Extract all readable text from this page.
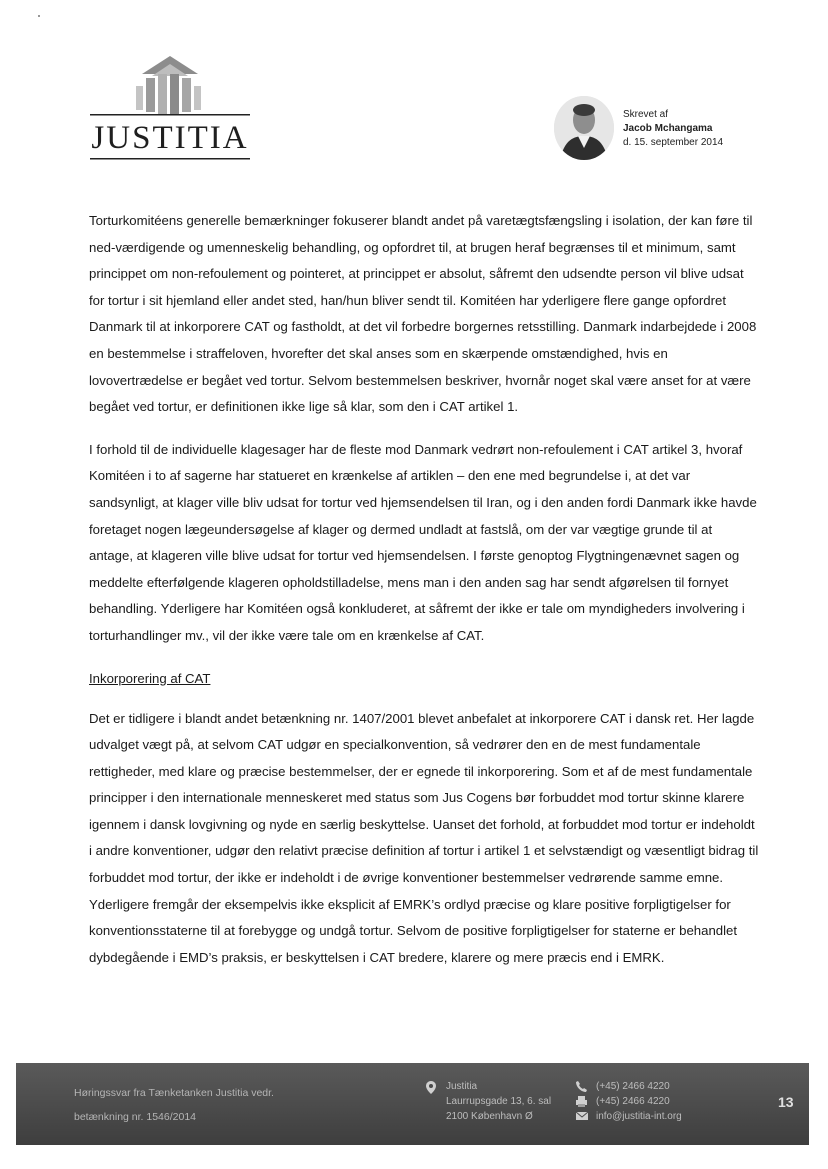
JUSTITIA
Skrevet af
Jacob Mchangama
d. 15. september 2014

Torturkomitéens generelle bemærkninger fokuserer blandt andet på varetægtsfængsling i isolation, der kan føre til ned-værdigende og umenneskelig behandling, og opfordret til, at brugen heraf begrænses til et minimum, samt princippet om non-refoulement og pointeret, at princippet er absolut, såfremt den udsendte person vil blive udsat for tortur i sit hjemland eller andet sted, han/hun bliver sendt til. Komitéen har yderligere flere gange opfordret Danmark til at inkorporere CAT og fastholdt, at det vil forbedre borgernes retsstilling. Danmark indarbejdede i 2008 en bestemmelse i straffeloven, hvorefter det skal anses som en skærpende omstændighed, hvis en lovovertrædelse er begået ved tortur. Selvom bestemmelsen beskriver, hvornår noget skal være anset for at være begået ved tortur, er definitionen ikke lige så klar, som den i CAT artikel 1.

I forhold til de individuelle klagesager har de fleste mod Danmark vedrørt non-refoulement i CAT artikel 3, hvoraf Komitéen i to af sagerne har statueret en krænkelse af artiklen – den ene med begrundelse i, at det var sandsynligt, at klager ville bliv udsat for tortur ved hjemsendelsen til Iran, og i den anden fordi Danmark ikke havde foretaget nogen lægeundersøgelse af klager og dermed undladt at fastslå, om der var vægtige grunde til at antage, at klageren ville blive udsat for tortur ved hjemsendelsen. I første genoptog Flygtningenævnet sagen og meddelte efterfølgende klageren opholdstilladelse, mens man i den anden sag har sendt afgørelsen til fornyet behandling. Yderligere har Komitéen også konkluderet, at såfremt der ikke er tale om myndigheders involvering i torturhandlinger mv., vil der ikke være tale om en krænkelse af CAT.

Inkorporering af CAT

Det er tidligere i blandt andet betænkning nr. 1407/2001 blevet anbefalet at inkorporere CAT i dansk ret. Her lagde udvalget vægt på, at selvom CAT udgør en specialkonvention, så vedrører den en de mest fundamentale rettigheder, med klare og præcise bestemmelser, der er egnede til inkorporering. Som et af de mest fundamentale principper i den internationale menneskeret med status som Jus Cogens bør forbuddet mod tortur skinne klarere igennem i dansk lovgivning og nyde en særlig beskyttelse. Uanset det forhold, at forbuddet mod tortur er indeholdt i andre konventioner, udgør den relativt præcise definition af tortur i artikel 1 et selvstændigt og væsentligt bidrag til forbuddet mod tortur, der ikke er indeholdt i de øvrige konventioner bestemmelser vedrørende samme emne. Yderligere fremgår der eksempelvis ikke eksplicit af EMRK’s ordlyd præcise og klare positive forpligtigelser for konventionsstaterne til at forebygge og undgå tortur. Selvom de positive forpligtigelser for staterne er behandlet dybdegående i EMD’s praksis, er beskyttelsen i CAT bredere, klarere og mere præcis end i EMRK.

Høringssvar fra Tænketanken Justitia vedr.
betænkning nr. 1546/2014
Justitia
Laurrupsgade 13, 6. sal
2100 København Ø
(+45) 2466 4220
(+45) 2466 4220
info@justitia-int.org
13
